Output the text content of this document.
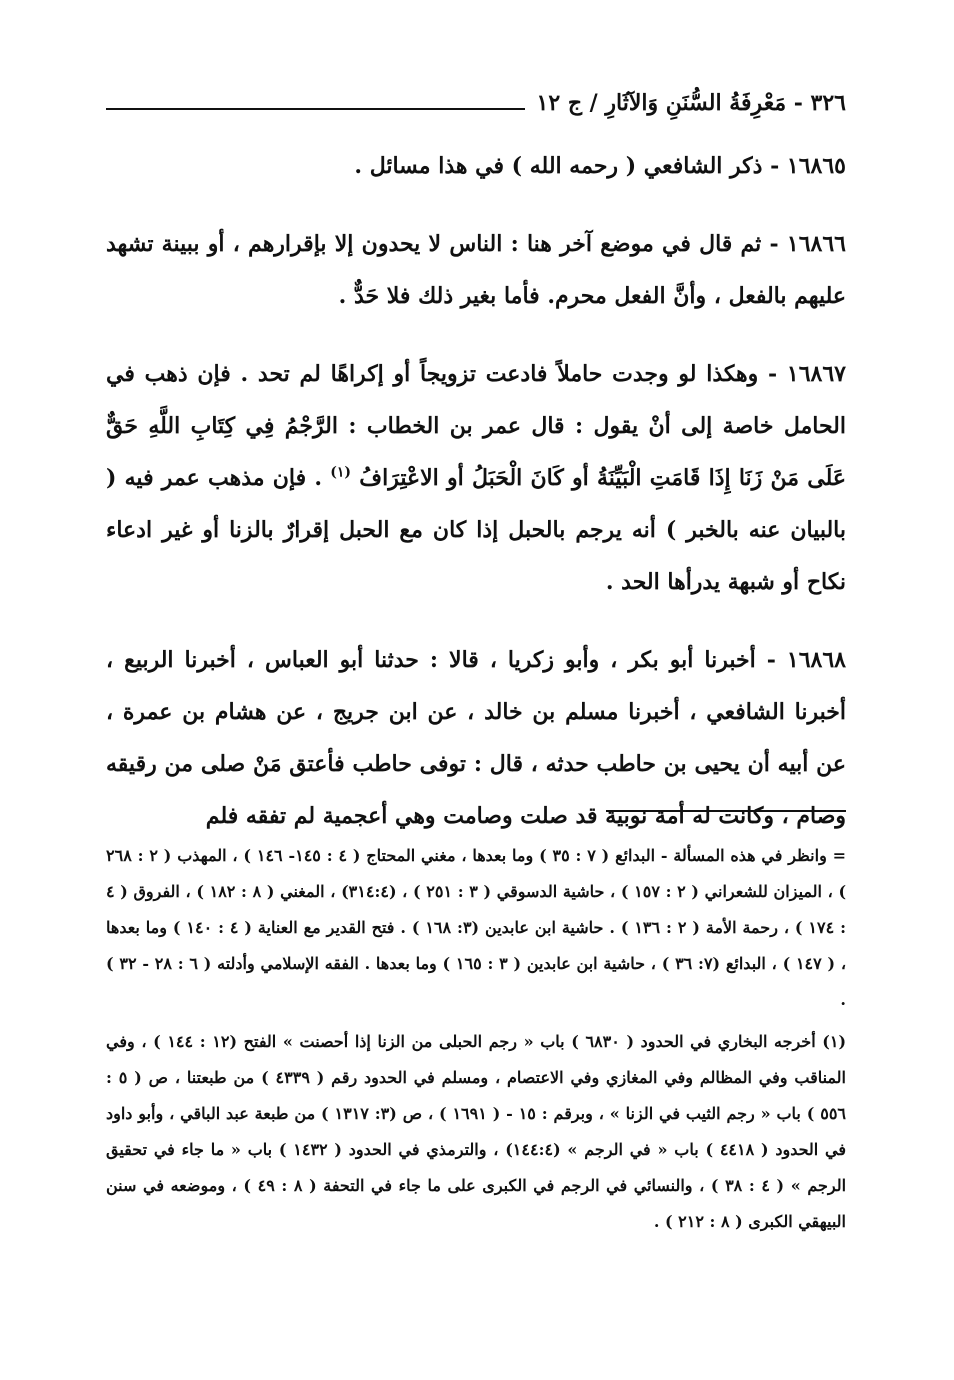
٣٢٦ - مَعْرِفَةُ السُّنَنِ وَالآثَارِ / ج ١٢

١٦٨٦٥ - ذكر الشافعي ( رحمه الله ) في هذا مسائل .

١٦٨٦٦ - ثم قال في موضع آخر هنا : الناس لا يحدون إلا بإقرارهم ، أو ببينة تشهد عليهم بالفعل ، وأنَّ الفعل محرم. فأما بغير ذلك فلا حَدٌّ .

١٦٨٦٧ - وهكذا لو وجدت حاملاً فادعت تزويجاً أو إكراهًا لم تحد . فإن ذهب في الحامل خاصة إلى أنْ يقول : قال عمر بن الخطاب : الرَّجْمُ فِي كِتَابِ اللَّهِ حَقٌّ عَلَى مَنْ زَنَا إِذَا قَامَتِ الْبَيِّنَةُ أو كَانَ الْحَبَلُ أو الاعْتِرَافُ $^{(١)}$ . فإن مذهب عمر فيه ( بالبيان عنه بالخبر ) أنه يرجم بالحبل إذا كان مع الحبل إقرارٌ بالزنا أو غير ادعاء نكاح أو شبهة يدرأها الحد .

١٦٨٦٨ - أخبرنا أبو بكر ، وأبو زكريا ، قالا : حدثنا أبو العباس ، أخبرنا الربيع ، أخبرنا الشافعي ، أخبرنا مسلم بن خالد ، عن ابن جريج ، عن هشام بن عمرة ، عن أبيه أن يحيى بن حاطب حدثه ، قال : توفى حاطب فأعتق مَنْ صلى من رقيقه وصام ، وكانت له أمة نوبية قد صلت وصامت وهي أعجمية لم تفقه فلم

= وانظر في هذه المسألة - البدائع ( ٧ : ٣٥ ) وما بعدها ، مغني المحتاج ( ٤ : ١٤٥- ١٤٦ ) ، المهذب ( ٢ : ٢٦٨ ) ، الميزان للشعراني ( ٢ : ١٥٧ ) ، حاشية الدسوقي ( ٣ : ٢٥١ ) ، (٣١٤:٤) ، المغني ( ٨ : ١٨٢ ) ، الفروق ( ٤ : ١٧٤ ) ، رحمة الأمة ( ٢ : ١٣٦ ) . حاشية ابن عابدين (٣: ١٦٨ ) . فتح القدير مع العناية ( ٤ : ١٤٠ ) وما بعدها ، ( ١٤٧ ) ، البدائع (٧: ٣٦ ) ، حاشية ابن عابدين ( ٣ : ١٦٥ ) وما بعدها . الفقه الإسلامي وأدلته ( ٦ : ٢٨ - ٣٢ ) .

(١) أخرجه البخاري في الحدود ( ٦٨٣٠ ) باب « رجم الحبلى من الزنا إذا أحصنت » الفتح (١٢ : ١٤٤ ) ، وفي المناقب وفي المظالم وفي المغازي وفي الاعتصام ، ومسلم في الحدود رقم ( ٤٣٣٩ ) من طبعتنا ، ص ( ٥ : ٥٥٦ ) باب « رجم الثيب في الزنا » ، وبرقم : ١٥ - ( ١٦٩١ ) ، ص (٣: ١٣١٧ ) من طبعة عبد الباقي ، وأبو داود في الحدود ( ٤٤١٨ ) باب « في الرجم » (١٤٤:٤) ، والترمذي في الحدود ( ١٤٣٢ ) باب « ما جاء في تحقيق الرجم » ( ٤ : ٣٨ ) ، والنسائي في الرجم في الكبرى على ما جاء في التحفة ( ٨ : ٤٩ ) ، وموضعه في سنن البيهقي الكبرى ( ٨ : ٢١٢ ) .
